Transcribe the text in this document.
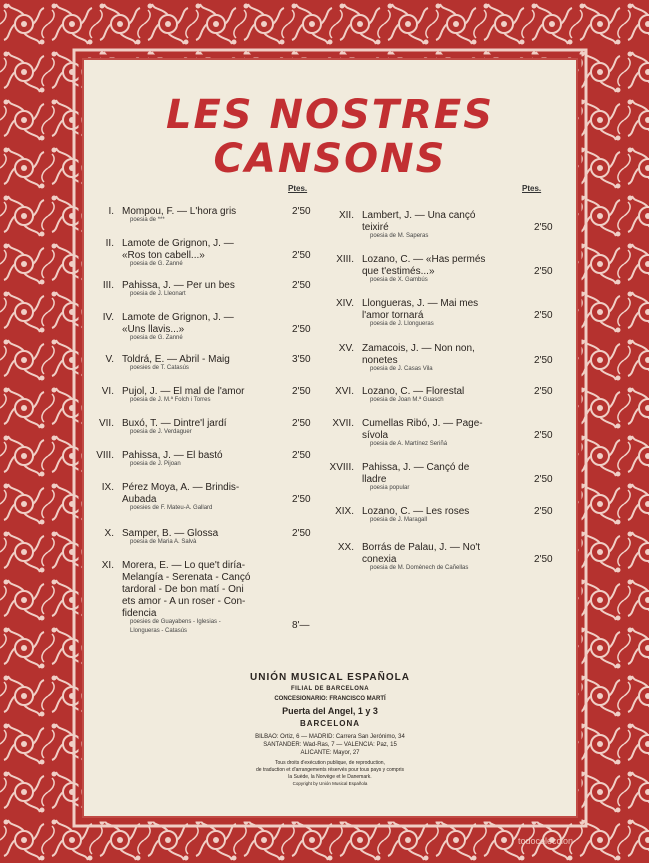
LES NOSTRES
CANSONS
Ptes.	Ptes.
I. Mompou, F. — L'hora gris
poesia de ***
2'50
II. Lamote de Grignon, J. —
«Ros ton cabell...»
poesia de G. Zanné
2'50
III. Pahissa, J. — Per un bes
poesia de J. Lleonart
2'50
IV. Lamote de Grignon, J. —
«Uns llavis...»
poesia de G. Zanné
2'50
V. Toldrá, E. — Abril - Maig
poesies de T. Catasús
3'50
VI. Pujol, J. — El mal de l'amor
poesia de J. M.ª Folch i Torres
2'50
VII. Buxó, T. — Dintre'l jardí
poesia de J. Verdaguer
2'50
VIII. Pahissa, J. — El bastó
poesia de J. Pijoan
2'50
IX. Pérez Moya, A. — Brindis-
Aubada
poesies de F. Mateu-A. Gallard
2'50
X. Samper, B. — Glossa
poesia de Maria A. Salvà
2'50
XI. Morera, E. — Lo que't diría-
Melangía - Serenata - Cançó
tardoral - De bon matí - Oni
ets amor - A un roser - Con-
fidencia
poesies de Guayabens - Iglesias -
Llongueras - Catasús	8'—
XII. Lambert, J. — Una cançó
teixiré
poesia de M. Saperas
2'50
XIII. Lozano, C. — «Has permés
que t'estimés...»
poesia de X. Gambús
2'50
XIV. Llongueras, J. — Mai mes
l'amor tornará
poesia de J. Llongueras
2'50
XV. Zamacois, J. — Non non,
nonetes
poesia de J. Casas Vila
2'50
XVI. Lozano, C. — Florestal
poesia de Joan M.ª Guasch
2'50
XVII. Cumellas Ribó, J. — Page-
sívola
poesia de A. Martínez Seriñá
2'50
XVIII. Pahissa, J. — Cançó de
lladre
poesia popular
2'50
XIX. Lozano, C. — Les roses
poesia de J. Maragall
2'50
XX. Borrás de Palau, J. — No't
conexia
poesia de M. Domènech de Cañellas
2'50
UNIÓN MUSICAL ESPAÑOLA
FILIAL DE BARCELONA
CONCESIONARIO: FRANCISCO MARTÍ
Puerta del Angel, 1 y 3
BARCELONA
BILBAO: Ortiz, 6 — MADRID: Carrera San Jerónimo, 34
SANTANDER: Wad-Ras, 7 — VALENCIA: Paz, 15
ALICANTE: Mayor, 27
Tous droits d'exécution publique, de reproduction,
de traduction et d'arrangements réservés pour tous pays y compris
la Suède, la Norvège et le Danemark.
Copyright by Unión Musical Española
todocoleccion
